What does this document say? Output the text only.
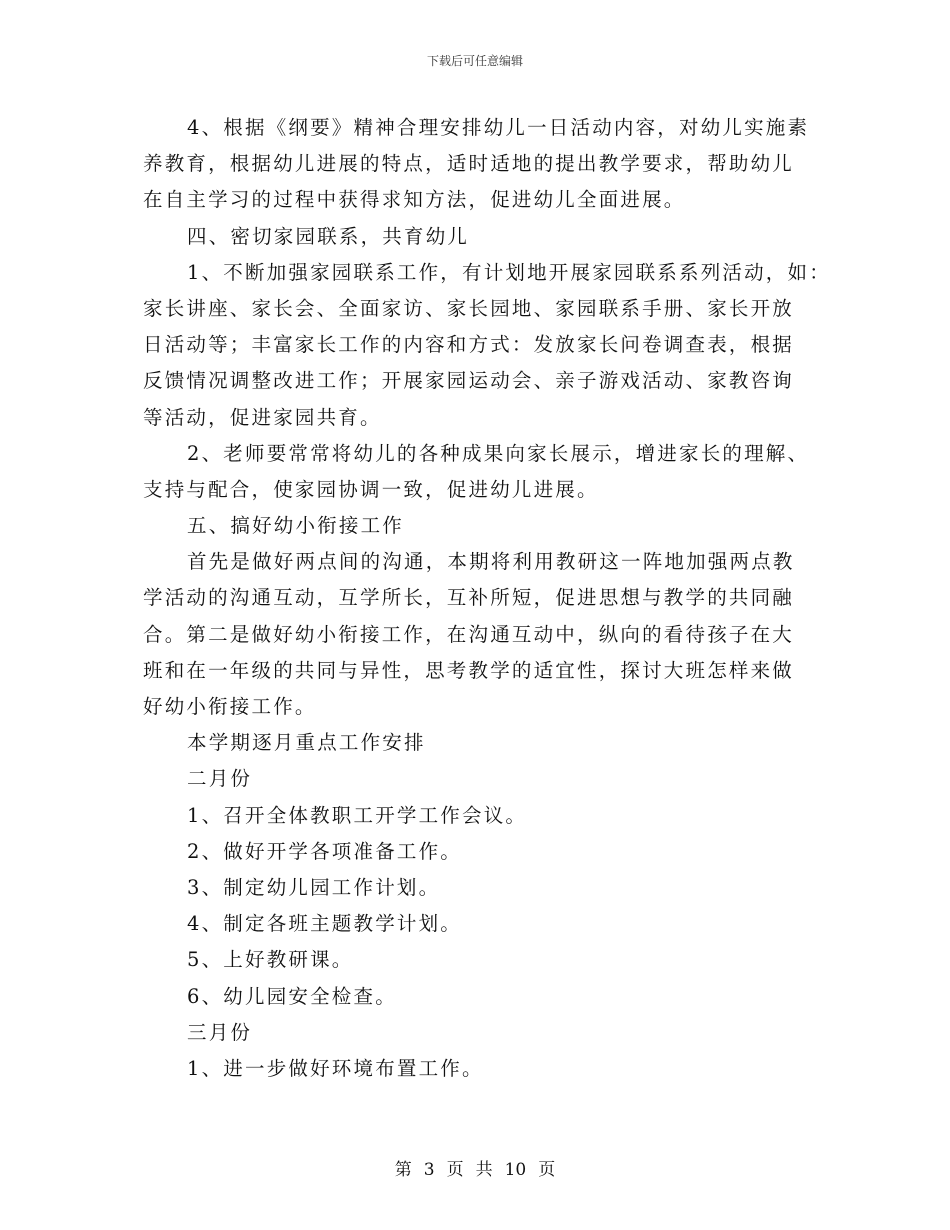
下载后可任意编辑
4、根据《纲要》精神合理安排幼儿一日活动内容，对幼儿实施素
养教育，根据幼儿进展的特点，适时适地的提出教学要求，帮助幼儿
在自主学习的过程中获得求知方法，促进幼儿全面进展。
四、密切家园联系，共育幼儿
1、不断加强家园联系工作，有计划地开展家园联系系列活动，如：
家长讲座、家长会、全面家访、家长园地、家园联系手册、家长开放
日活动等；丰富家长工作的内容和方式：发放家长问卷调查表，根据
反馈情况调整改进工作；开展家园运动会、亲子游戏活动、家教咨询
等活动，促进家园共育。
2、老师要常常将幼儿的各种成果向家长展示，增进家长的理解、
支持与配合，使家园协调一致，促进幼儿进展。
五、搞好幼小衔接工作
首先是做好两点间的沟通，本期将利用教研这一阵地加强两点教
学活动的沟通互动，互学所长，互补所短，促进思想与教学的共同融
合。第二是做好幼小衔接工作，在沟通互动中，纵向的看待孩子在大
班和在一年级的共同与异性，思考教学的适宜性，探讨大班怎样来做
好幼小衔接工作。
本学期逐月重点工作安排
二月份
1、召开全体教职工开学工作会议。
2、做好开学各项准备工作。
3、制定幼儿园工作计划。
4、制定各班主题教学计划。
5、上好教研课。
6、幼儿园安全检查。
三月份
1、进一步做好环境布置工作。
第 3 页 共 10 页
